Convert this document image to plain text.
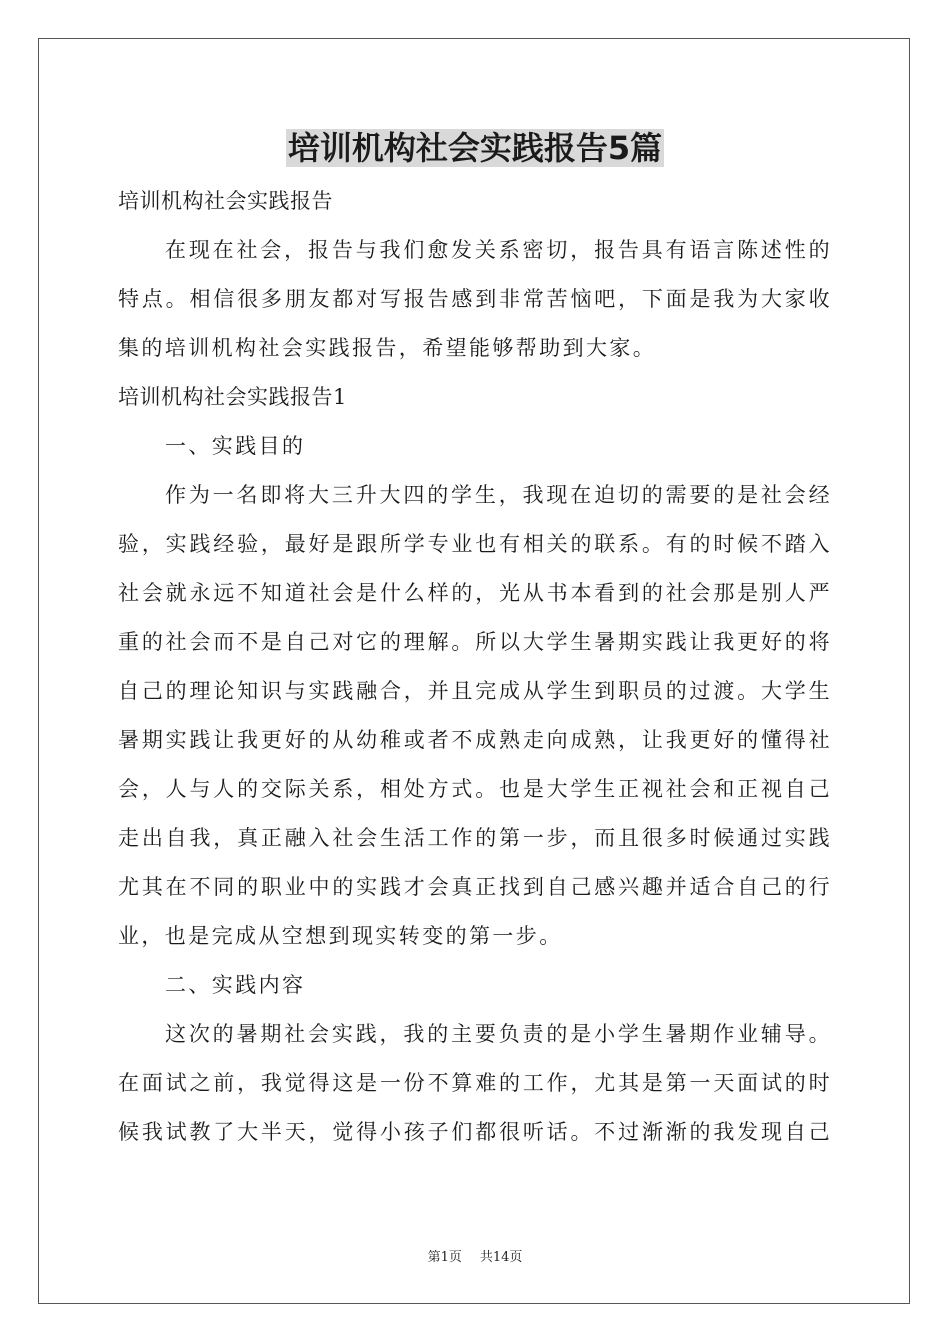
培训机构社会实践报告5篇
培训机构社会实践报告
在现在社会，报告与我们愈发关系密切，报告具有语言陈述性的
特点。相信很多朋友都对写报告感到非常苦恼吧，下面是我为大家收
集的培训机构社会实践报告，希望能够帮助到大家。
培训机构社会实践报告1
一、实践目的
作为一名即将大三升大四的学生，我现在迫切的需要的是社会经
验，实践经验，最好是跟所学专业也有相关的联系。有的时候不踏入
社会就永远不知道社会是什么样的，光从书本看到的社会那是别人严
重的社会而不是自己对它的理解。所以大学生暑期实践让我更好的将
自己的理论知识与实践融合，并且完成从学生到职员的过渡。大学生
暑期实践让我更好的从幼稚或者不成熟走向成熟，让我更好的懂得社
会，人与人的交际关系，相处方式。也是大学生正视社会和正视自己
走出自我，真正融入社会生活工作的第一步，而且很多时候通过实践
尤其在不同的职业中的实践才会真正找到自己感兴趣并适合自己的行
业，也是完成从空想到现实转变的第一步。
二、实践内容
这次的暑期社会实践，我的主要负责的是小学生暑期作业辅导。
在面试之前，我觉得这是一份不算难的工作，尤其是第一天面试的时
候我试教了大半天，觉得小孩子们都很听话。不过渐渐的我发现自己
第1页 共14页
